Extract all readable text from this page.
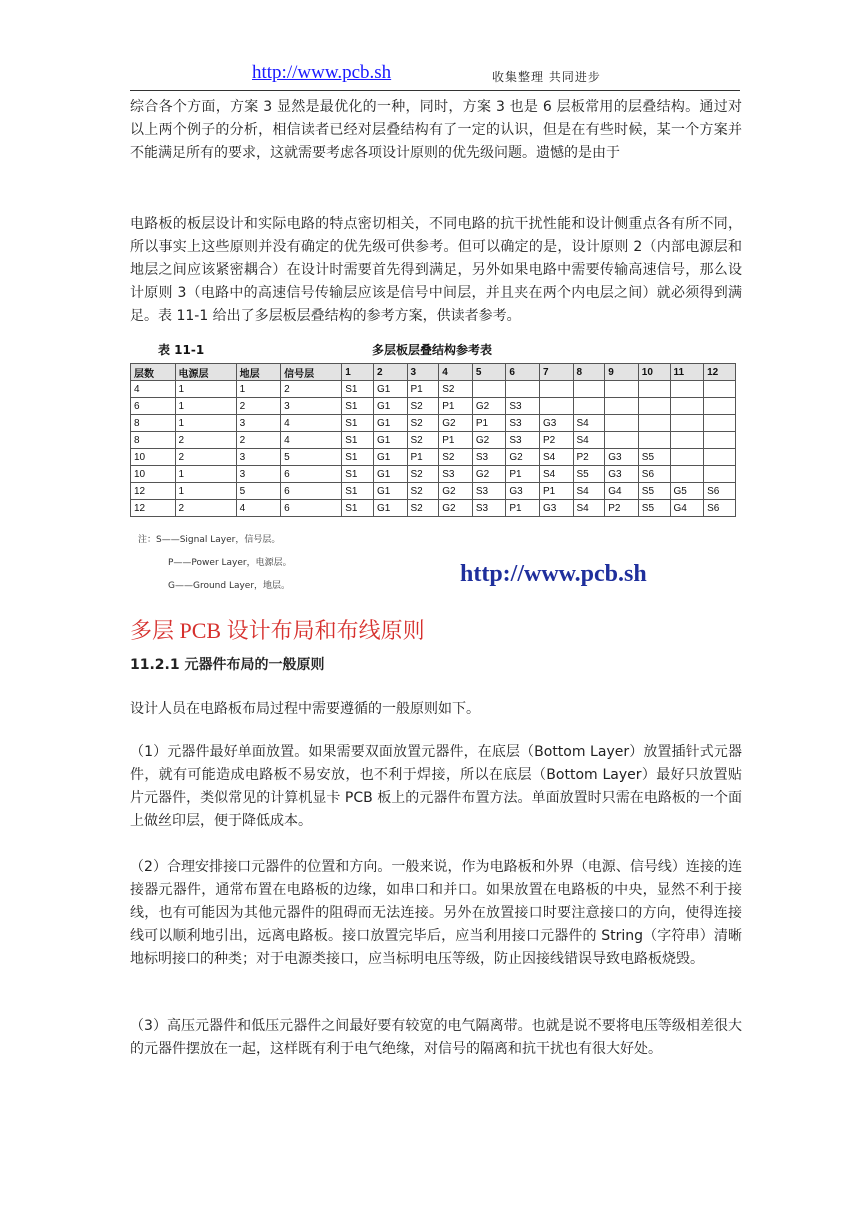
http://www.pcb.sh	收集整理 共同进步

综合各个方面，方案 3 显然是最优化的一种，同时，方案 3 也是 6 层板常用的层叠结构。通过对以上两个例子的分析，相信读者已经对层叠结构有了一定的认识，但是在有些时候，某一个方案并不能满足所有的要求，这就需要考虑各项设计原则的优先级问题。遗憾的是由于

电路板的板层设计和实际电路的特点密切相关，不同电路的抗干扰性能和设计侧重点各有所不同，所以事实上这些原则并没有确定的优先级可供参考。但可以确定的是，设计原则 2（内部电源层和地层之间应该紧密耦合）在设计时需要首先得到满足，另外如果电路中需要传输高速信号，那么设计原则 3（电路中的高速信号传输层应该是信号中间层，并且夹在两个内电层之间）就必须得到满足。表 11-1 给出了多层板层叠结构的参考方案，供读者参考。

表 11-1	多层板层叠结构参考表
层数	电源层	地层	信号层	1	2	3	4	5	6	7	8	9	10	11	12
4	1	1	2	S1	G1	P1	S2								
6	1	2	3	S1	G1	S2	P1	G2	S3						
8	1	3	4	S1	G1	S2	G2	P1	S3	G3	S4				
8	2	2	4	S1	G1	S2	P1	G2	S3	P2	S4				
10	2	3	5	S1	G1	P1	S2	S3	G2	S4	P2	G3	S5		
10	1	3	6	S1	G1	S2	S3	G2	P1	S4	S5	G3	S6		
12	1	5	6	S1	G1	S2	G2	S3	G3	P1	S4	G4	S5	G5	S6
12	2	4	6	S1	G1	S2	G2	S3	P1	G3	S4	P2	S5	G4	S6
注：S——Signal Layer，信号层。
P——Power Layer，电源层。
G——Ground Layer，地层。	http://www.pcb.sh
多层 PCB 设计布局和布线原则
11.2.1 元器件布局的一般原则

设计人员在电路板布局过程中需要遵循的一般原则如下。

（1）元器件最好单面放置。如果需要双面放置元器件，在底层（Bottom Layer）放置插针式元器件，就有可能造成电路板不易安放，也不利于焊接，所以在底层（Bottom Layer）最好只放置贴片元器件，类似常见的计算机显卡 PCB 板上的元器件布置方法。单面放置时只需在电路板的一个面上做丝印层，便于降低成本。

（2）合理安排接口元器件的位置和方向。一般来说，作为电路板和外界（电源、信号线）连接的连接器元器件，通常布置在电路板的边缘，如串口和并口。如果放置在电路板的中央，显然不利于接线，也有可能因为其他元器件的阻碍而无法连接。另外在放置接口时要注意接口的方向，使得连接线可以顺利地引出，远离电路板。接口放置完毕后，应当利用接口元器件的 String（字符串）清晰地标明接口的种类；对于电源类接口，应当标明电压等级，防止因接线错误导致电路板烧毁。

（3）高压元器件和低压元器件之间最好要有较宽的电气隔离带。也就是说不要将电压等级相差很大的元器件摆放在一起，这样既有利于电气绝缘，对信号的隔离和抗干扰也有很大好处。
